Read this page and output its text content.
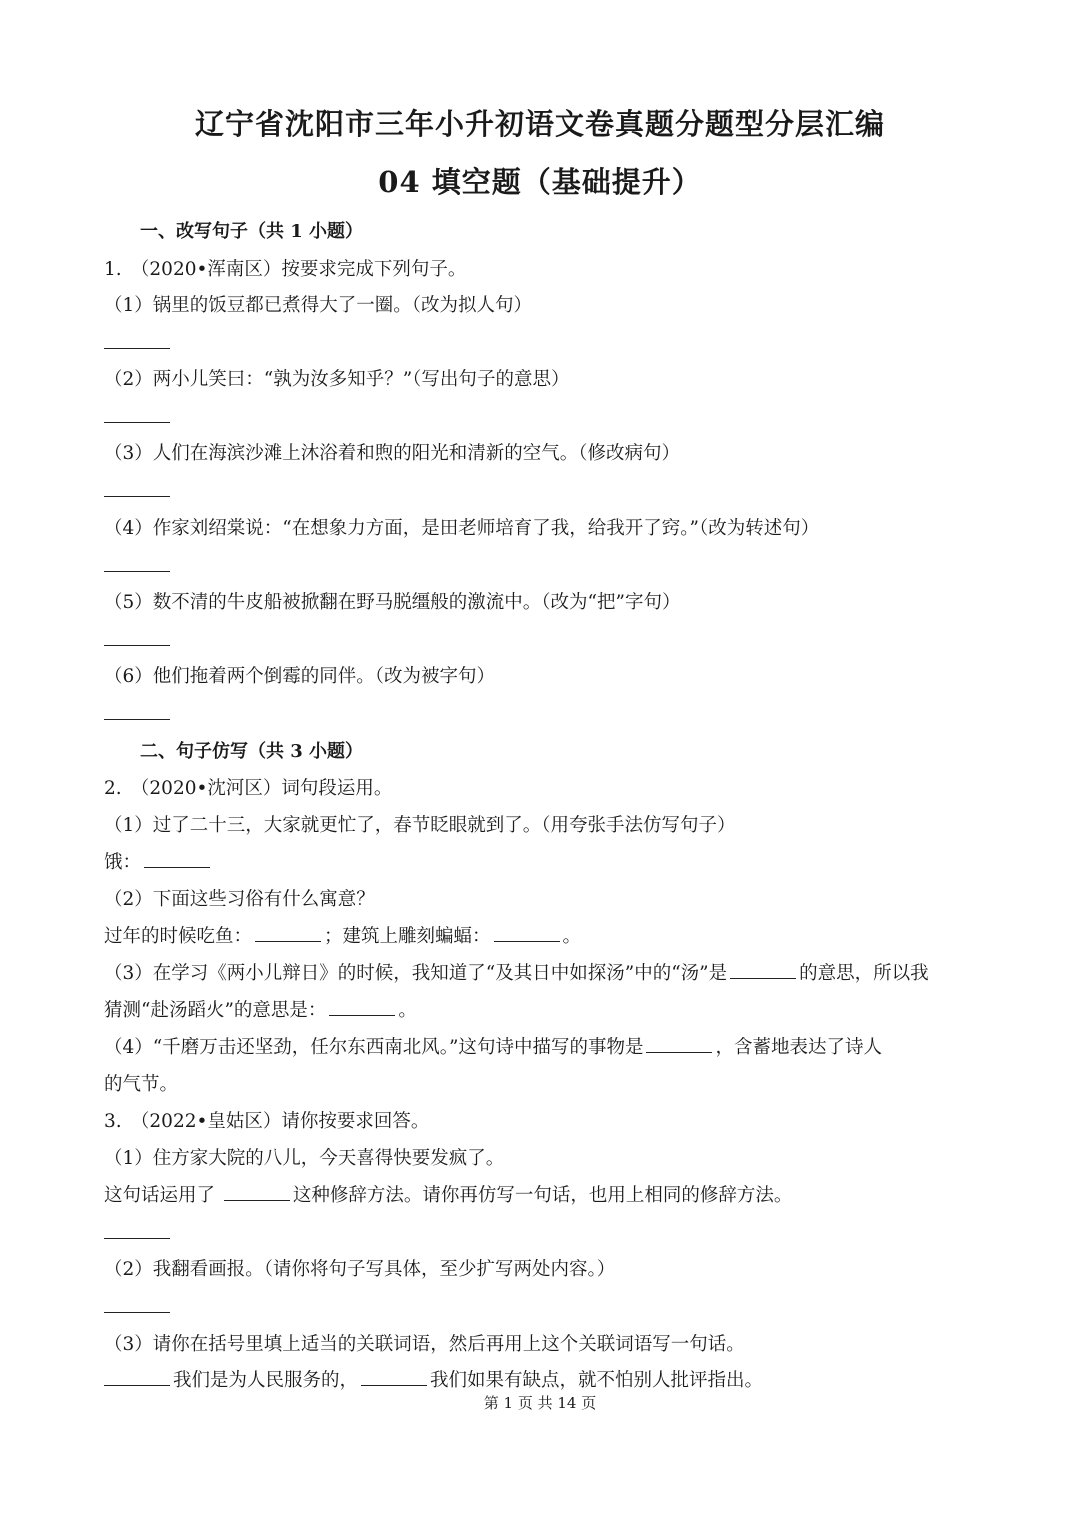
辽宁省沈阳市三年小升初语文卷真题分题型分层汇编
04 填空题（基础提升）
一、改写句子（共 1 小题）
1.　（2020•浑南区）按要求完成下列句子。
（1）锅里的饭豆都已煮得大了一圈。（改为拟人句）
（2）两小儿笑曰：“孰为汝多知乎？”（写出句子的意思）
（3）人们在海滨沙滩上沐浴着和煦的阳光和清新的空气。（修改病句）
（4）作家刘绍棠说：“在想象力方面，是田老师培育了我，给我开了窍。”（改为转述句）
（5）数不清的牛皮船被掀翻在野马脱缰般的激流中。（改为“把”字句）
（6）他们拖着两个倒霉的同伴。（改为被字句）
二、句子仿写（共 3 小题）
2.　（2020•沈河区）词句段运用。
（1）过了二十三，大家就更忙了，春节眨眼就到了。（用夸张手法仿写句子）
饿：
（2）下面这些习俗有什么寓意？
过年的时候吃鱼：	；建筑上雕刻蝙蝠：	。
（3）在学习《两小儿辩日》的时候，我知道了“及其日中如探汤”中的“汤”是	的意思，所以我
猜测“赴汤蹈火”的意思是：	。
（4）“千磨万击还坚劲，任尔东西南北风。”这句诗中描写的事物是	，含蓄地表达了诗人
的气节。
3.　（2022•皇姑区）请你按要求回答。
（1）住方家大院的八儿，今天喜得快要发疯了。
这句话运用了	这种修辞方法。请你再仿写一句话，也用上相同的修辞方法。
（2）我翻看画报。（请你将句子写具体，至少扩写两处内容。）
（3）请你在括号里填上适当的关联词语，然后再用上这个关联词语写一句话。
我们是为人民服务的，	我们如果有缺点，就不怕别人批评指出。
第 1 页 共 14 页
